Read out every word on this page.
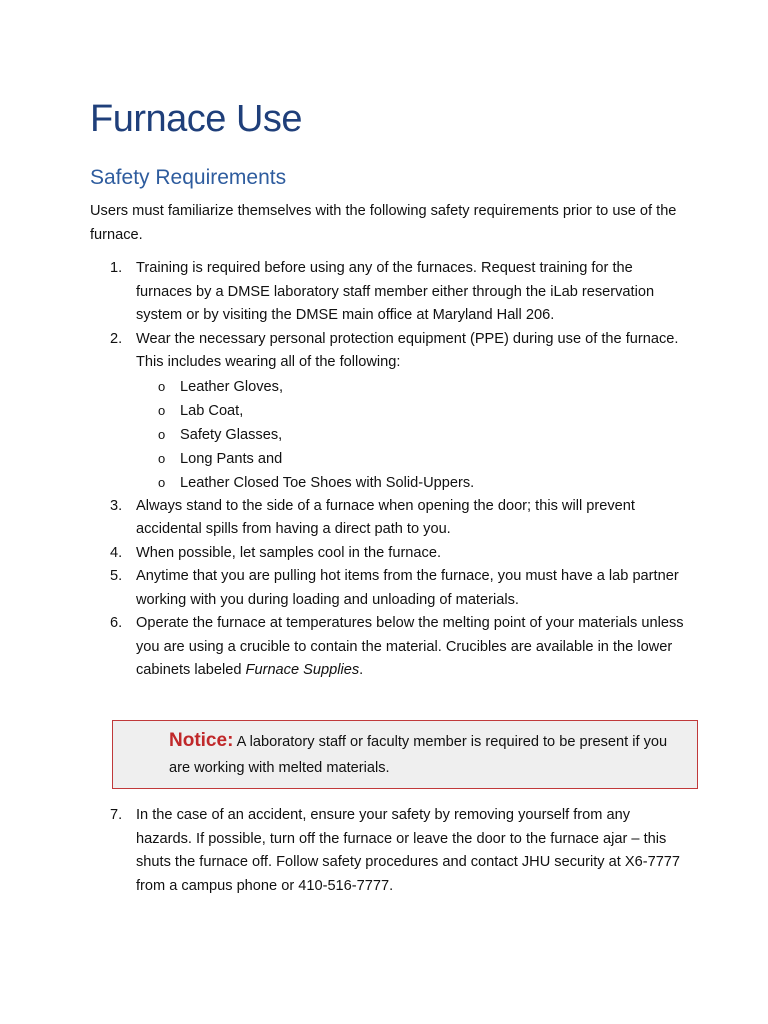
Furnace Use
Safety Requirements

Users must familiarize themselves with the following safety requirements prior to use of the furnace.

1. Training is required before using any of the furnaces. Request training for the furnaces by a DMSE laboratory staff member either through the iLab reservation system or by visiting the DMSE main office at Maryland Hall 206.
2. Wear the necessary personal protection equipment (PPE) during use of the furnace. This includes wearing all of the following:
o Leather Gloves,
o Lab Coat,
o Safety Glasses,
o Long Pants and
o Leather Closed Toe Shoes with Solid-Uppers.
3. Always stand to the side of a furnace when opening the door; this will prevent accidental spills from having a direct path to you.
4. When possible, let samples cool in the furnace.
5. Anytime that you are pulling hot items from the furnace, you must have a lab partner working with you during loading and unloading of materials.
6. Operate the furnace at temperatures below the melting point of your materials unless you are using a crucible to contain the material. Crucibles are available in the lower cabinets labeled Furnace Supplies.
Notice: A laboratory staff or faculty member is required to be present if you are working with melted materials.
7. In the case of an accident, ensure your safety by removing yourself from any hazards. If possible, turn off the furnace or leave the door to the furnace ajar – this shuts the furnace off. Follow safety procedures and contact JHU security at X6-7777 from a campus phone or 410-516-7777.
